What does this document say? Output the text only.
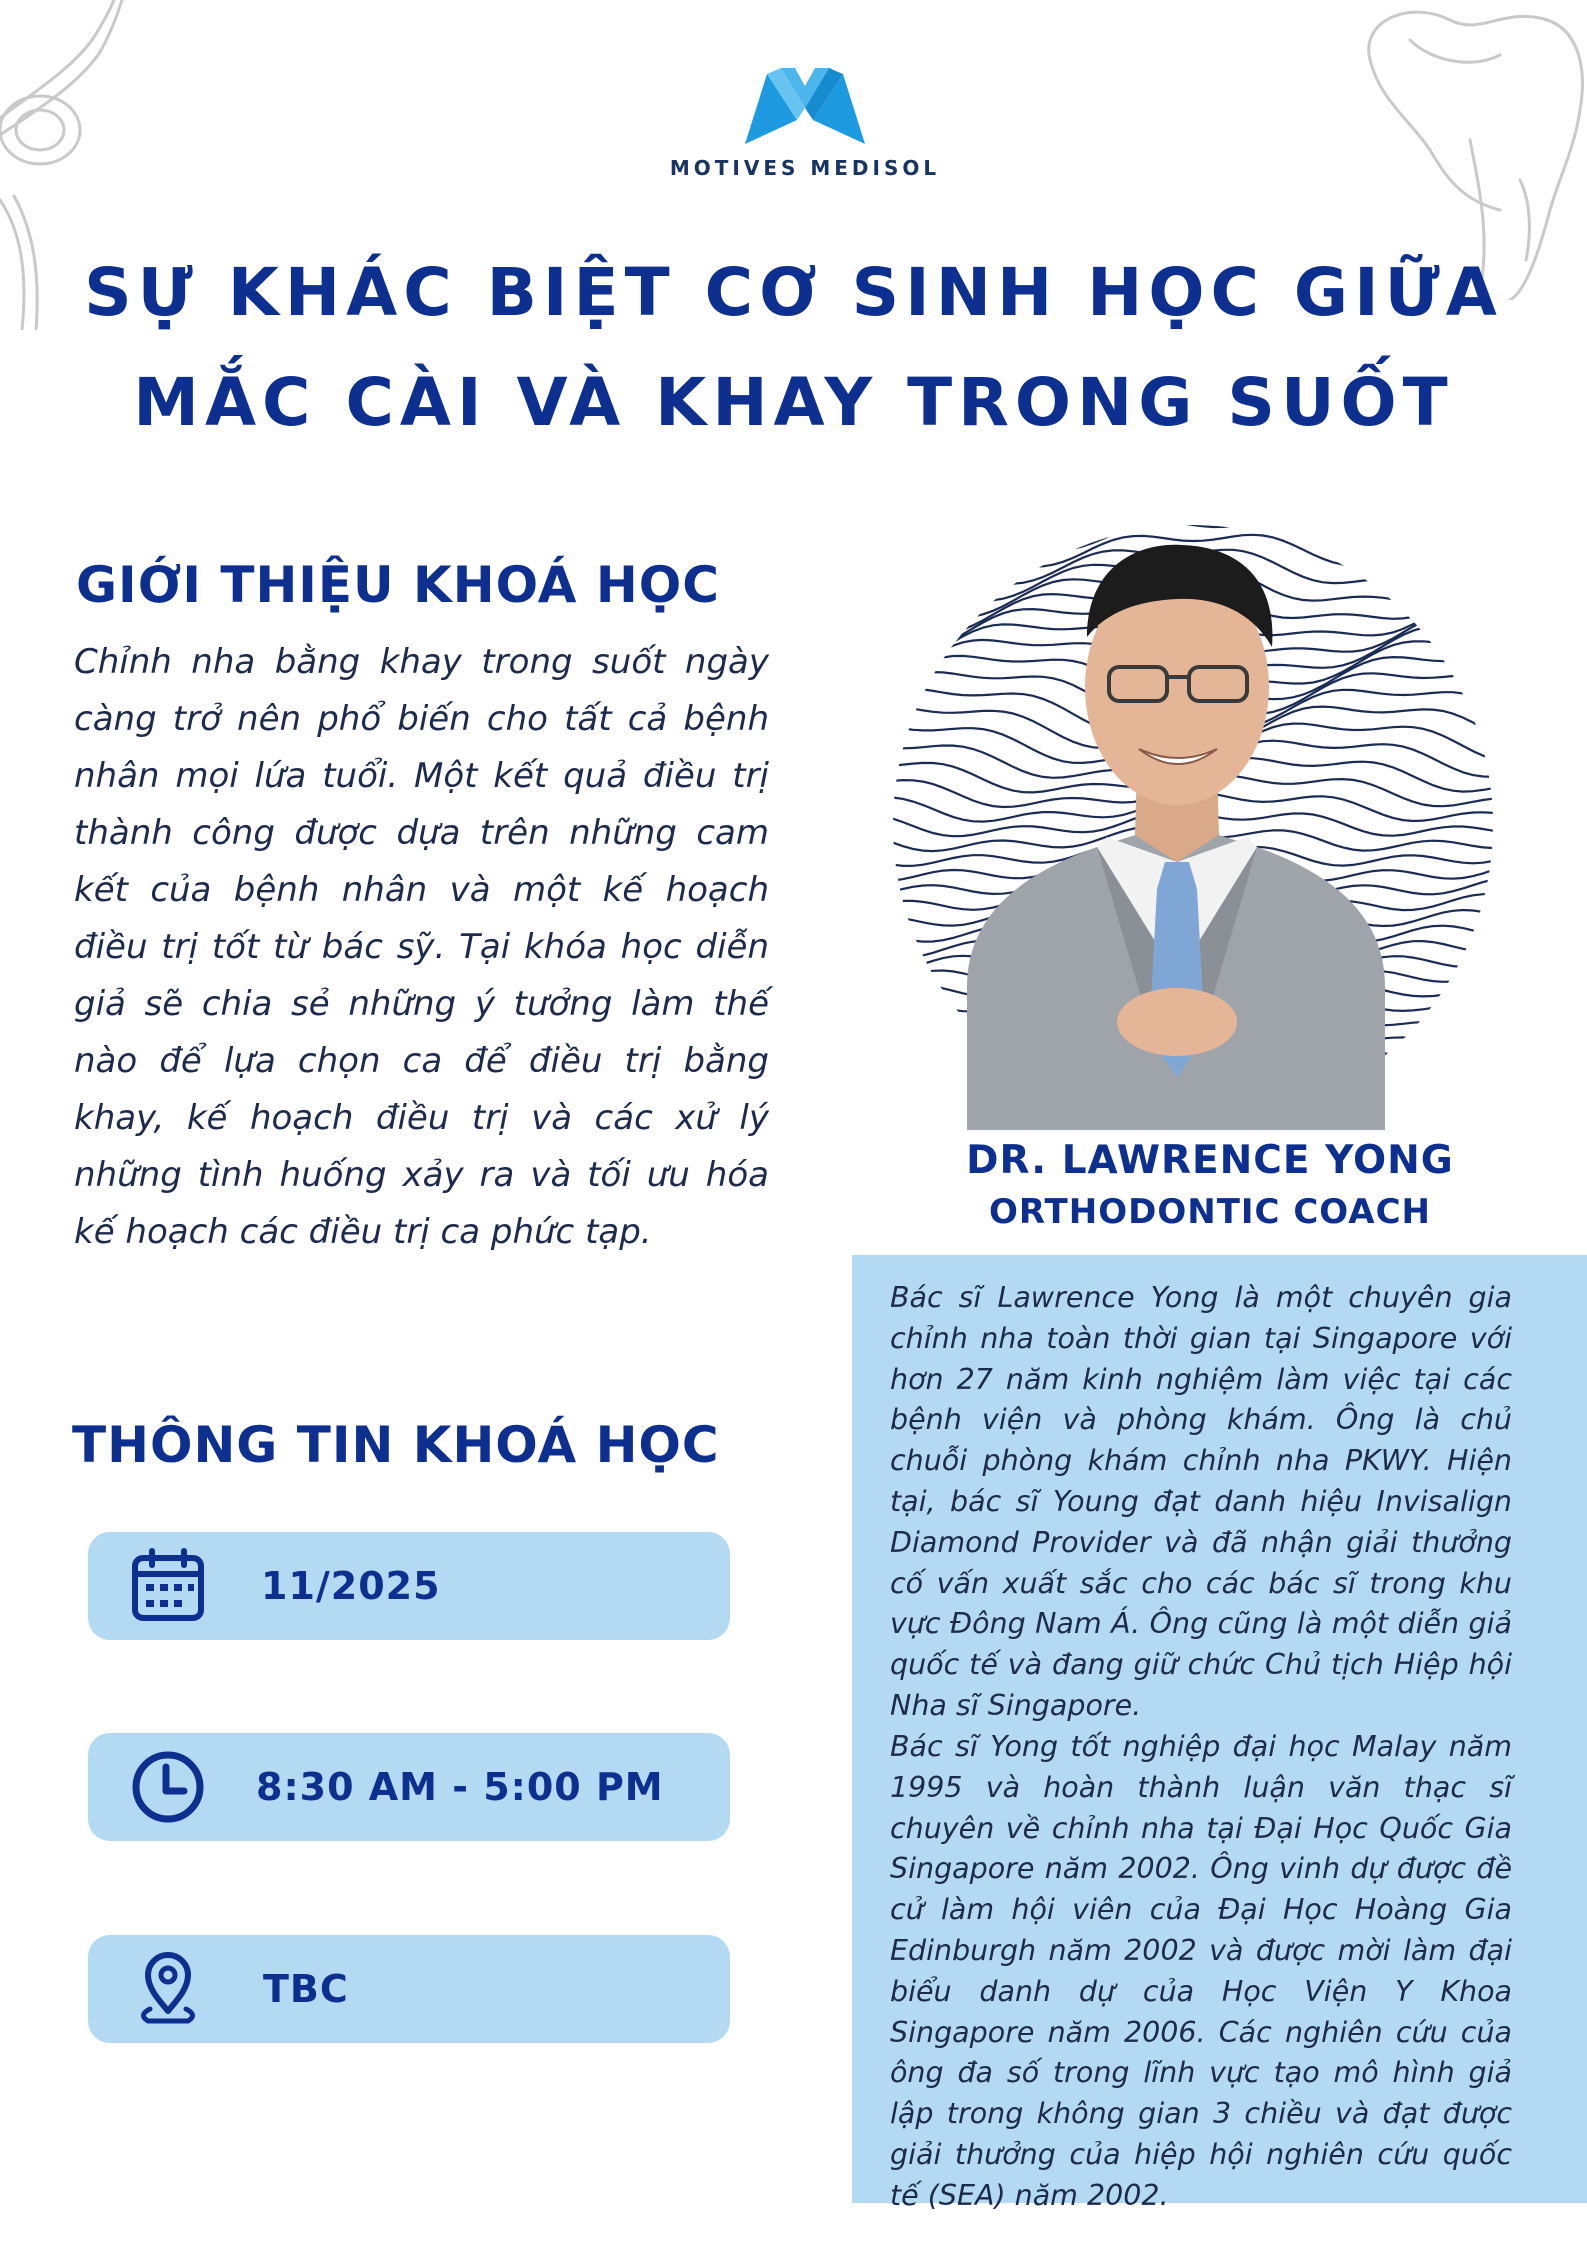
MOTIVES MEDISOL
SỰ KHÁC BIỆT CƠ SINH HỌC GIỮA
MẮC CÀI VÀ KHAY TRONG SUỐT
GIỚI THIỆU KHOÁ HỌC

Chỉnh nha bằng khay trong suốt ngày càng trở nên phổ biến cho tất cả bệnh nhân mọi lứa tuổi. Một kết quả điều trị thành công được dựa trên những cam kết của bệnh nhân và một kế hoạch điều trị tốt từ bác sỹ. Tại khóa học diễn giả sẽ chia sẻ những ý tưởng làm thế nào để lựa chọn ca để điều trị bằng khay, kế hoạch điều trị và các xử lý những tình huống xảy ra và tối ưu hóa kế hoạch các điều trị ca phức tạp.

THÔNG TIN KHOÁ HỌC
11/2025
8:30 AM - 5:00 PM
TBC
DR. LAWRENCE YONG
ORTHODONTIC COACH

Bác sĩ Lawrence Yong là một chuyên gia chỉnh nha toàn thời gian tại Singapore với hơn 27 năm kinh nghiệm làm việc tại các bệnh viện và phòng khám. Ông là chủ chuỗi phòng khám chỉnh nha PKWY. Hiện tại, bác sĩ Young đạt danh hiệu Invisalign Diamond Provider và đã nhận giải thưởng cố vấn xuất sắc cho các bác sĩ trong khu vực Đông Nam Á. Ông cũng là một diễn giả quốc tế và đang giữ chức Chủ tịch Hiệp hội Nha sĩ Singapore.

Bác sĩ Yong tốt nghiệp đại học Malay năm 1995 và hoàn thành luận văn thạc sĩ chuyên về chỉnh nha tại Đại Học Quốc Gia Singapore năm 2002. Ông vinh dự được đề cử làm hội viên của Đại Học Hoàng Gia Edinburgh năm 2002 và được mời làm đại biểu danh dự của Học Viện Y Khoa Singapore năm 2006. Các nghiên cứu của ông đa số trong lĩnh vực tạo mô hình giả lập trong không gian 3 chiều và đạt được giải thưởng của hiệp hội nghiên cứu quốc tế (SEA) năm 2002.
